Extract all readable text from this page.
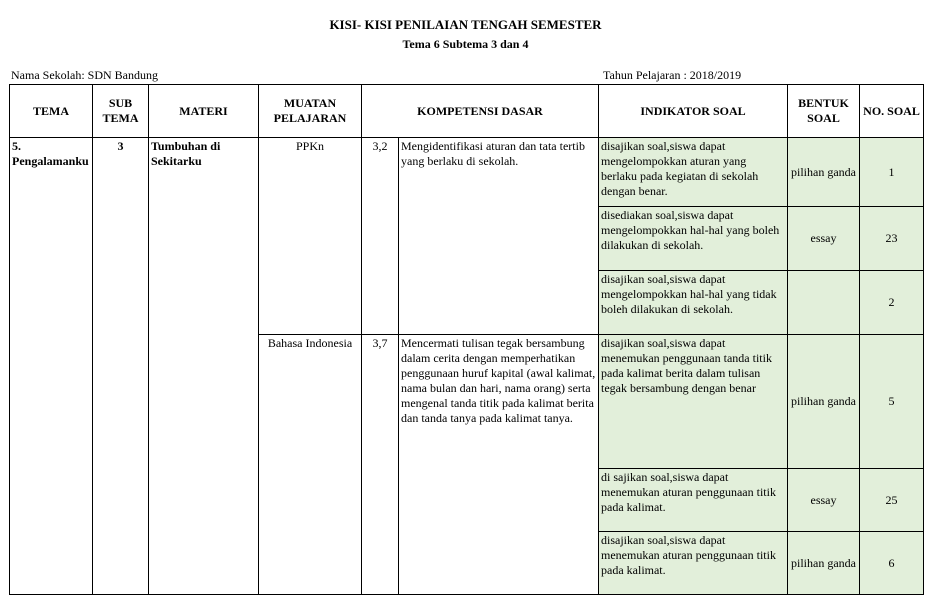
KISI- KISI PENILAIAN TENGAH SEMESTER
Tema 6 Subtema 3 dan 4
Nama Sekolah: SDN Bandung	Tahun Pelajaran : 2018/2019
TEMA	SUB TEMA	MATERI	MUATAN PELAJARAN	KOMPETENSI DASAR		INDIKATOR SOAL	BENTUK SOAL	NO. SOAL
5. Pengalamanku	3	Tumbuhan di Sekitarku	PPKn	3,2	Mengidentifikasi aturan dan tata tertib yang berlaku di sekolah.	disajikan soal,siswa dapat mengelompokkan aturan yang berlaku pada kegiatan di sekolah dengan benar.	pilihan ganda	1
						disediakan soal,siswa dapat mengelompokkan hal-hal yang boleh dilakukan di sekolah.	essay	23
						disajikan soal,siswa dapat mengelompokkan hal-hal yang tidak boleh dilakukan di sekolah.		2
			Bahasa Indonesia	3,7	Mencermati tulisan tegak bersambung dalam cerita dengan memperhatikan penggunaan huruf kapital (awal kalimat, nama bulan dan hari, nama orang) serta mengenal tanda titik pada kalimat berita dan tanda tanya pada kalimat tanya.	disajikan soal,siswa dapat menemukan penggunaan tanda titik pada kalimat berita dalam tulisan tegak bersambung dengan benar	pilihan ganda	5
						di sajikan soal,siswa dapat menemukan aturan penggunaan titik pada kalimat.	essay	25
						disajikan soal,siswa dapat menemukan aturan penggunaan titik pada kalimat.	pilihan ganda	6
